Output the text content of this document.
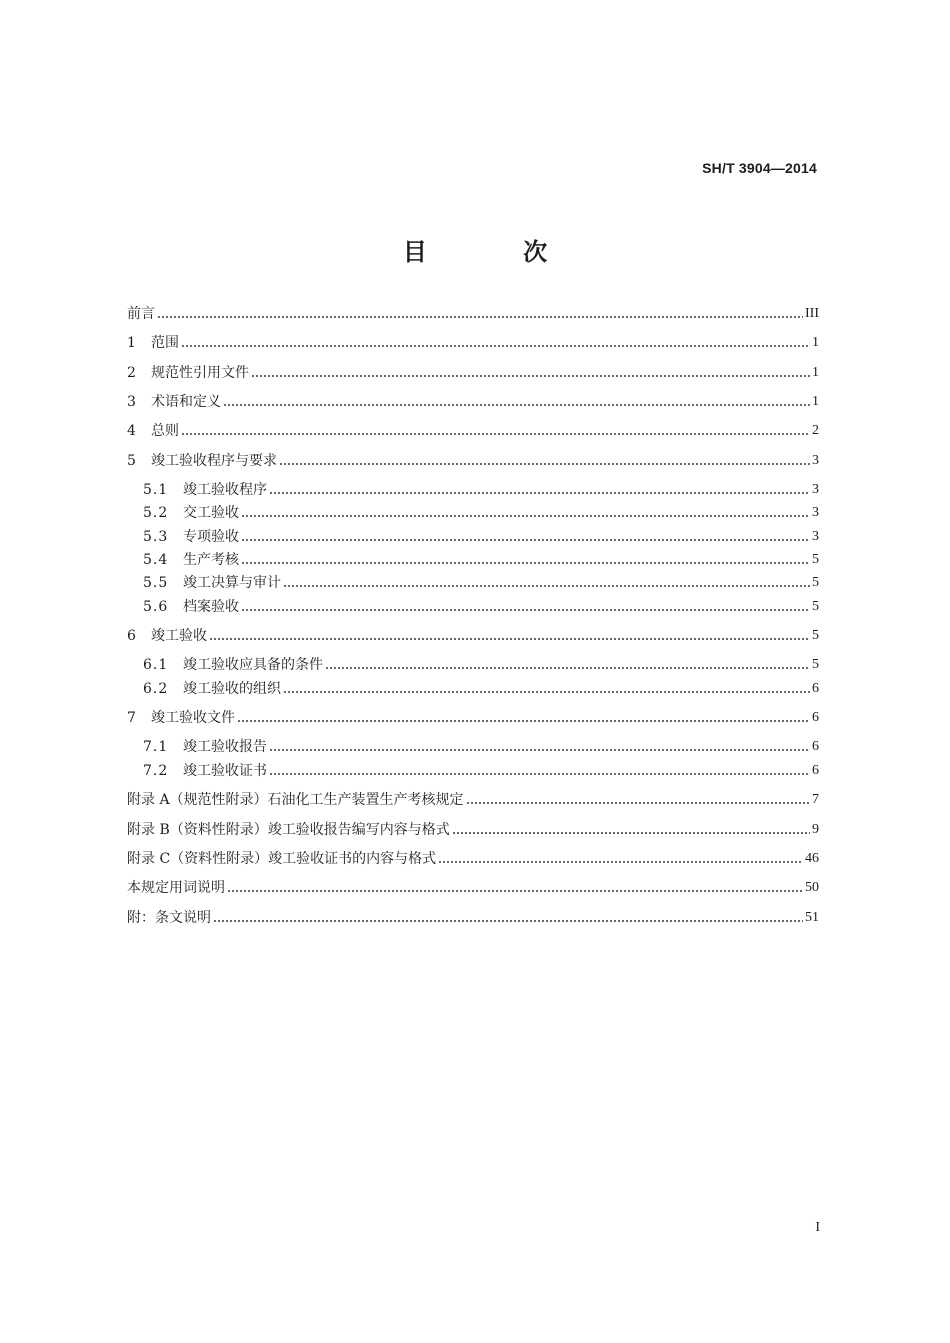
SH/T 3904—2014
目 次
前言	III
1	范围	1
2	规范性引用文件	1
3	术语和定义	1
4	总则	2
5	竣工验收程序与要求	3
5.1	竣工验收程序	3
5.2	交工验收	3
5.3	专项验收	3
5.4	生产考核	5
5.5	竣工决算与审计	5
5.6	档案验收	5
6	竣工验收	5
6.1	竣工验收应具备的条件	5
6.2	竣工验收的组织	6
7	竣工验收文件	6
7.1	竣工验收报告	6
7.2	竣工验收证书	6
附录 A（规范性附录）石油化工生产装置生产考核规定	7
附录 B（资料性附录）竣工验收报告编写内容与格式	9
附录 C（资料性附录）竣工验收证书的内容与格式	46
本规定用词说明	50
附：条文说明	51
I
